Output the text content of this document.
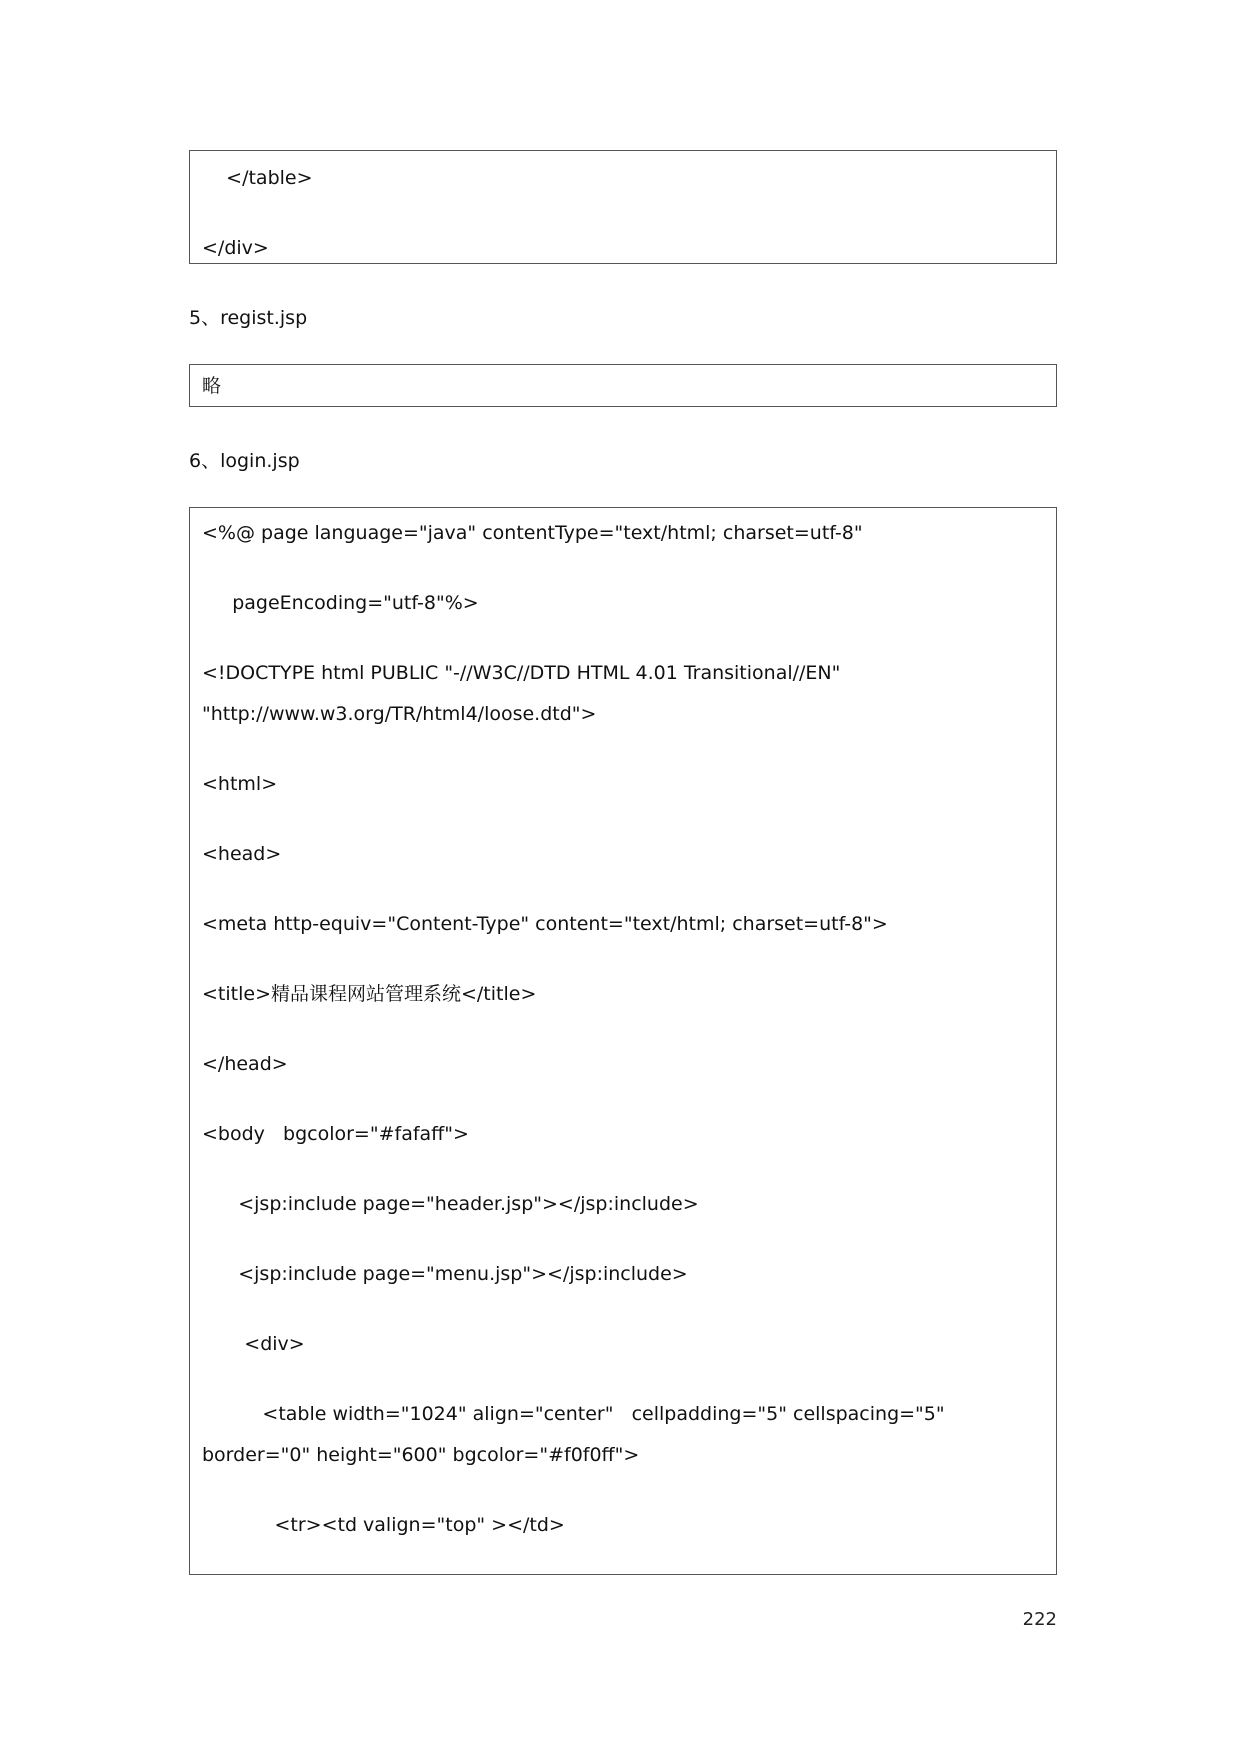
</table>
</div>
5、regist.jsp
略
6、login.jsp
<%@ page language="java" contentType="text/html; charset=utf-8"
pageEncoding="utf-8"%>
<!DOCTYPE html PUBLIC "-//W3C//DTD HTML 4.01 Transitional//EN"
"http://www.w3.org/TR/html4/loose.dtd">
<html>
<head>
<meta http-equiv="Content-Type" content="text/html; charset=utf-8">
<title>精品课程网站管理系统</title>
</head>
<body   bgcolor="#fafaff">
<jsp:include page="header.jsp"></jsp:include>
<jsp:include page="menu.jsp"></jsp:include>
<div>
<table width="1024" align="center"   cellpadding="5" cellspacing="5"
border="0" height="600" bgcolor="#f0f0ff">
<tr><td valign="top" ></td>
222
